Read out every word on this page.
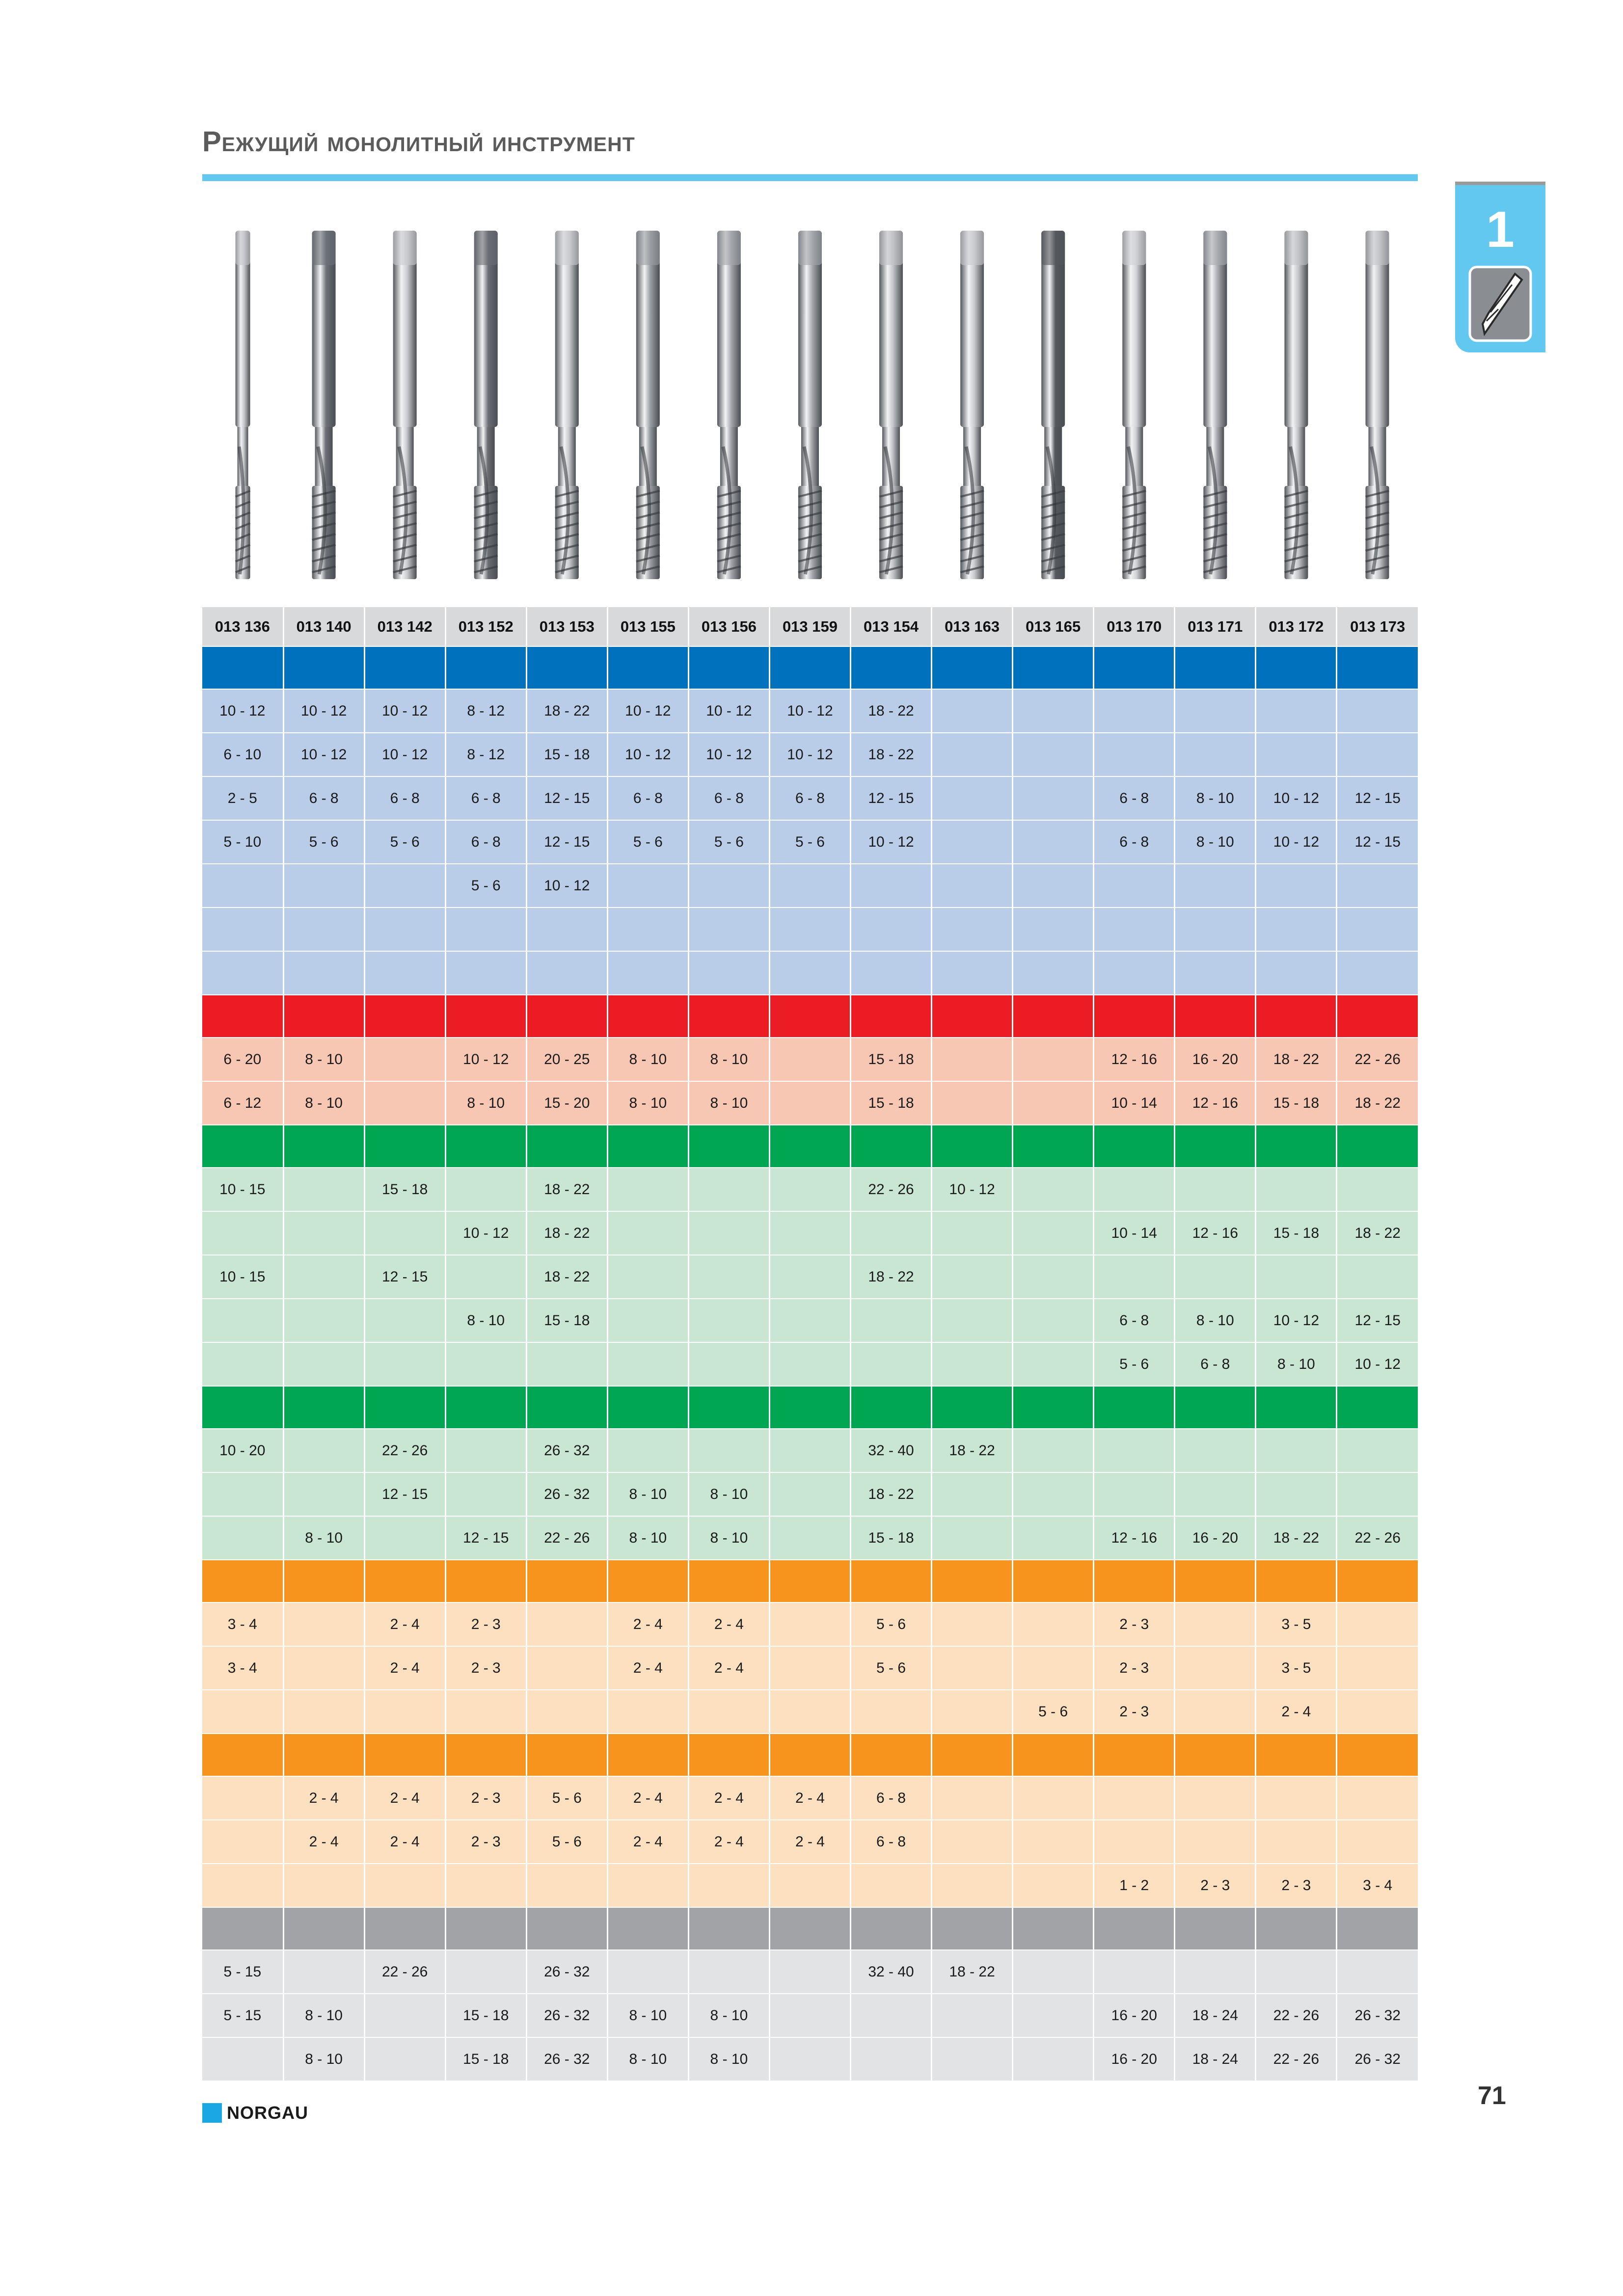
Режущий монолитный инструмент
1
013 136	013 140	013 142	013 152	013 153	013 155	013 156	013 159	013 154	013 163	013 165	013 170	013 171	013 172	013 173

10 - 12	10 - 12	10 - 12	8 - 12	18 - 22	10 - 12	10 - 12	10 - 12	18 - 22						
6 - 10	10 - 12	10 - 12	8 - 12	15 - 18	10 - 12	10 - 12	10 - 12	18 - 22						
2 - 5	6 - 8	6 - 8	6 - 8	12 - 15	6 - 8	6 - 8	6 - 8	12 - 15			6 - 8	8 - 10	10 - 12	12 - 15
5 - 10	5 - 6	5 - 6	6 - 8	12 - 15	5 - 6	5 - 6	5 - 6	10 - 12			6 - 8	8 - 10	10 - 12	12 - 15
			5 - 6	10 - 12										

6 - 20	8 - 10		10 - 12	20 - 25	8 - 10	8 - 10		15 - 18			12 - 16	16 - 20	18 - 22	22 - 26
6 - 12	8 - 10		8 - 10	15 - 20	8 - 10	8 - 10		15 - 18			10 - 14	12 - 16	15 - 18	18 - 22

10 - 15		15 - 18		18 - 22				22 - 26	10 - 12					
			10 - 12	18 - 22							10 - 14	12 - 16	15 - 18	18 - 22
10 - 15		12 - 15		18 - 22				18 - 22						
			8 - 10	15 - 18							6 - 8	8 - 10	10 - 12	12 - 15
											5 - 6	6 - 8	8 - 10	10 - 12

10 - 20		22 - 26		26 - 32				32 - 40	18 - 22					
		12 - 15		26 - 32	8 - 10	8 - 10		18 - 22						
	8 - 10		12 - 15	22 - 26	8 - 10	8 - 10		15 - 18			12 - 16	16 - 20	18 - 22	22 - 26

3 - 4		2 - 4	2 - 3		2 - 4	2 - 4		5 - 6			2 - 3		3 - 5	
3 - 4		2 - 4	2 - 3		2 - 4	2 - 4		5 - 6			2 - 3		3 - 5	
										5 - 6	2 - 3		2 - 4	

	2 - 4	2 - 4	2 - 3	5 - 6	2 - 4	2 - 4	2 - 4	6 - 8						
	2 - 4	2 - 4	2 - 3	5 - 6	2 - 4	2 - 4	2 - 4	6 - 8						
											1 - 2	2 - 3	2 - 3	3 - 4

5 - 15		22 - 26		26 - 32				32 - 40	18 - 22					
5 - 15	8 - 10		15 - 18	26 - 32	8 - 10	8 - 10					16 - 20	18 - 24	22 - 26	26 - 32
	8 - 10		15 - 18	26 - 32	8 - 10	8 - 10					16 - 20	18 - 24	22 - 26	26 - 32
NORGAU
71
